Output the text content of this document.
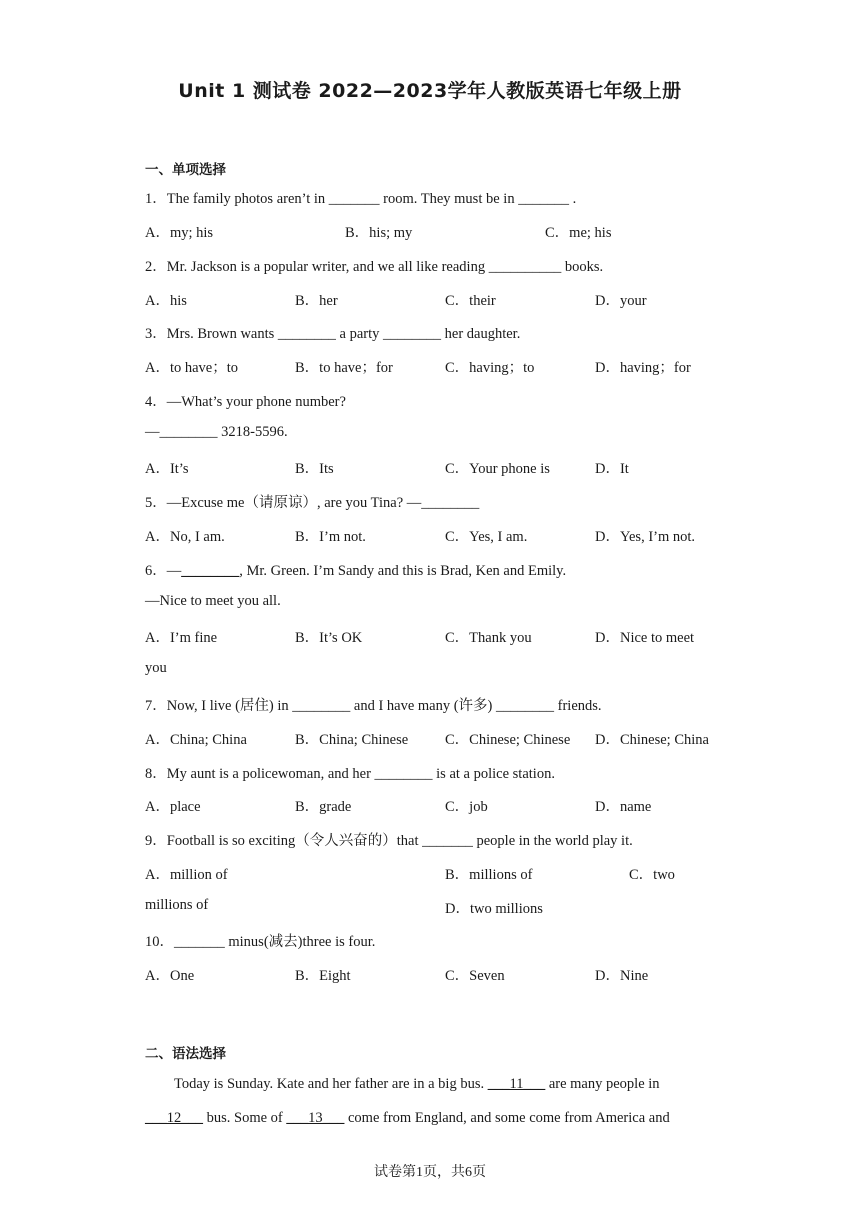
Unit 1 测试卷 2022—2023学年人教版英语七年级上册
一、单项选择
1．The family photos aren’t in _______ room. They must be in _______ .
A．my; his	B．his; my	C．me; his
2．Mr. Jackson is a popular writer, and we all like reading __________ books.
A．his	B．her	C．their	D．your
3．Mrs. Brown wants ________ a party ________ her daughter.
A．to have；to	B．to have；for	C．having；to	D．having；for
4．—What’s your phone number?
—________ 3218-5596.
A．It’s	B．Its	C．Your phone is	D．It
5．—Excuse me（请原谅）, are you Tina? —________
A．No, I am.	B．I’m not.	C．Yes, I am.	D．Yes, I’m not.
6．—________, Mr. Green. I’m Sandy and this is Brad, Ken and Emily.
—Nice to meet you all.
A．I’m fine	B．It’s OK	C．Thank you	D．Nice to meet
you
7．Now, I live (居住) in ________ and I have many (许多) ________ friends.
A．China; China	B．China; Chinese	C．Chinese; Chinese D．Chinese; China
8．My aunt is a policewoman, and her ________ is at a police station.
A．place	B．grade	C．job	D．name
9．Football is so exciting（令人兴奋的）that _______ people in the world play it.
A．million of	B．millions of	C．two
millions of	D．two millions
10．_______ minus(减去)three is four.
A．One	B．Eight	C．Seven	D．Nine
二、语法选择
Today is Sunday. Kate and her father are in a big bus. ___11___ are many people in
___12___ bus. Some of ___13___ come from England, and some come from America and
试卷第1页，共6页
